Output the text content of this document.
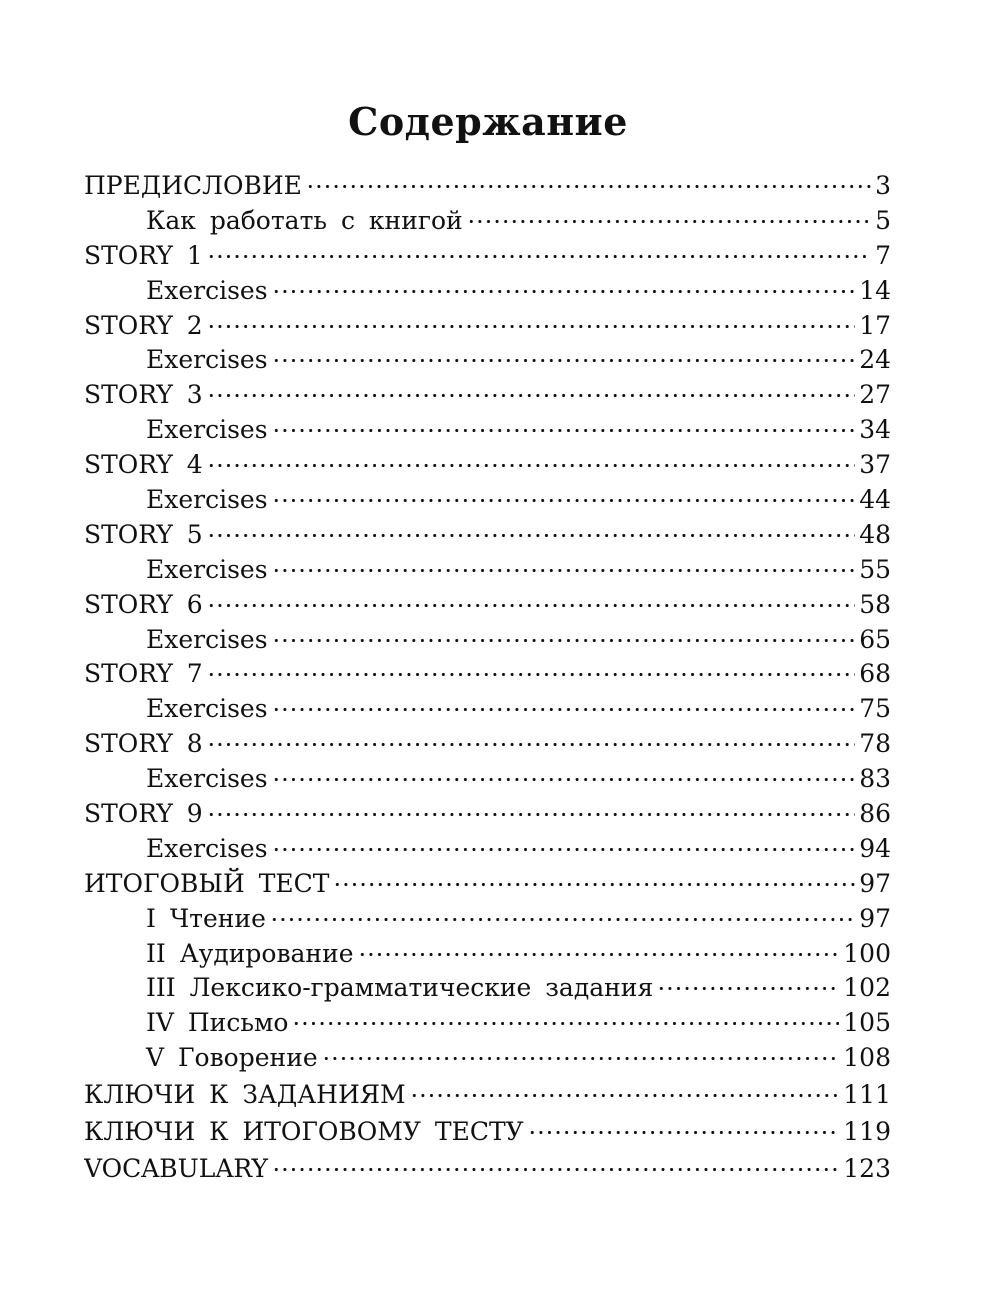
Содержание
ПРЕДИСЛОВИЕ	3
Как работать с книгой	5
STORY 1	7
Exercises	14
STORY 2	17
Exercises	24
STORY 3	27
Exercises	34
STORY 4	37
Exercises	44
STORY 5	48
Exercises	55
STORY 6	58
Exercises	65
STORY 7	68
Exercises	75
STORY 8	78
Exercises	83
STORY 9	86
Exercises	94
ИТОГОВЫЙ ТЕСТ	97
I Чтение	97
II Аудирование	100
III Лексико-грамматические задания	102
IV Письмо	105
V Говорение	108
КЛЮЧИ К ЗАДАНИЯМ	111
КЛЮЧИ К ИТОГОВОМУ ТЕСТУ	119
VOCABULARY	123
